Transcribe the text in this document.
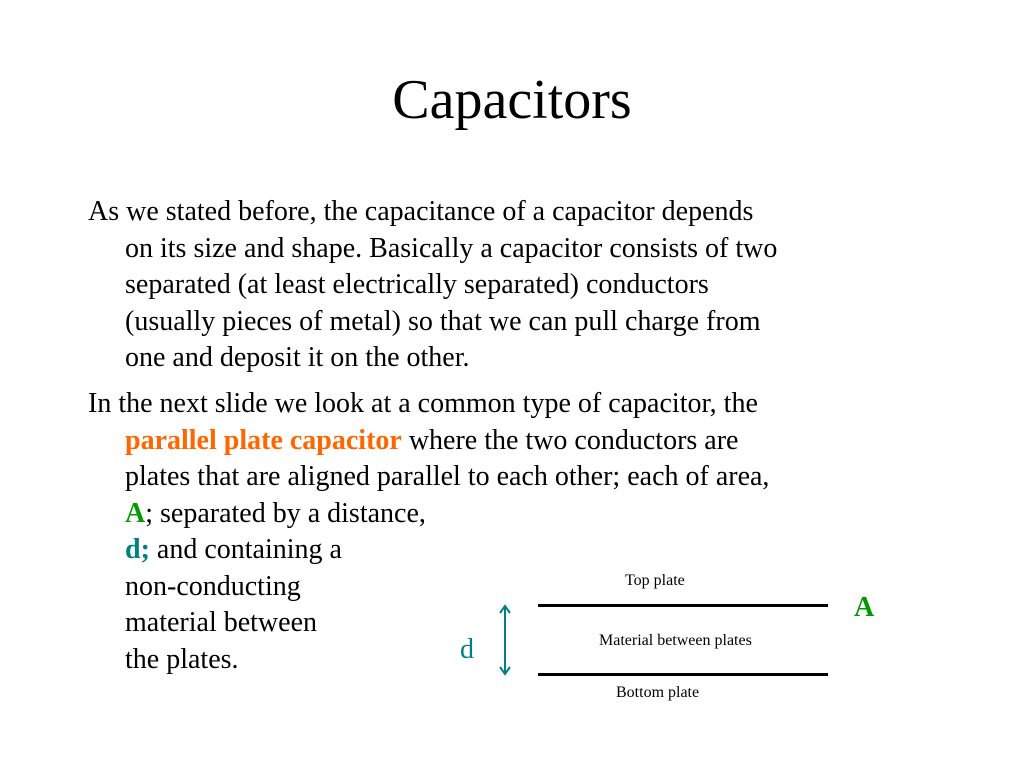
Capacitors
As we stated before, the capacitance of a capacitor depends
on its size and shape. Basically a capacitor consists of two
separated (at least electrically separated) conductors
(usually pieces of metal) so that we can pull charge from
one and deposit it on the other.
In the next slide we look at a common type of capacitor, the
parallel plate capacitor where the two conductors are
plates that are aligned parallel to each other; each of area,
A; separated by a distance,
d; and containing a
non-conducting
material between
the plates.
Top plate
Material between plates
Bottom plate
A
d
